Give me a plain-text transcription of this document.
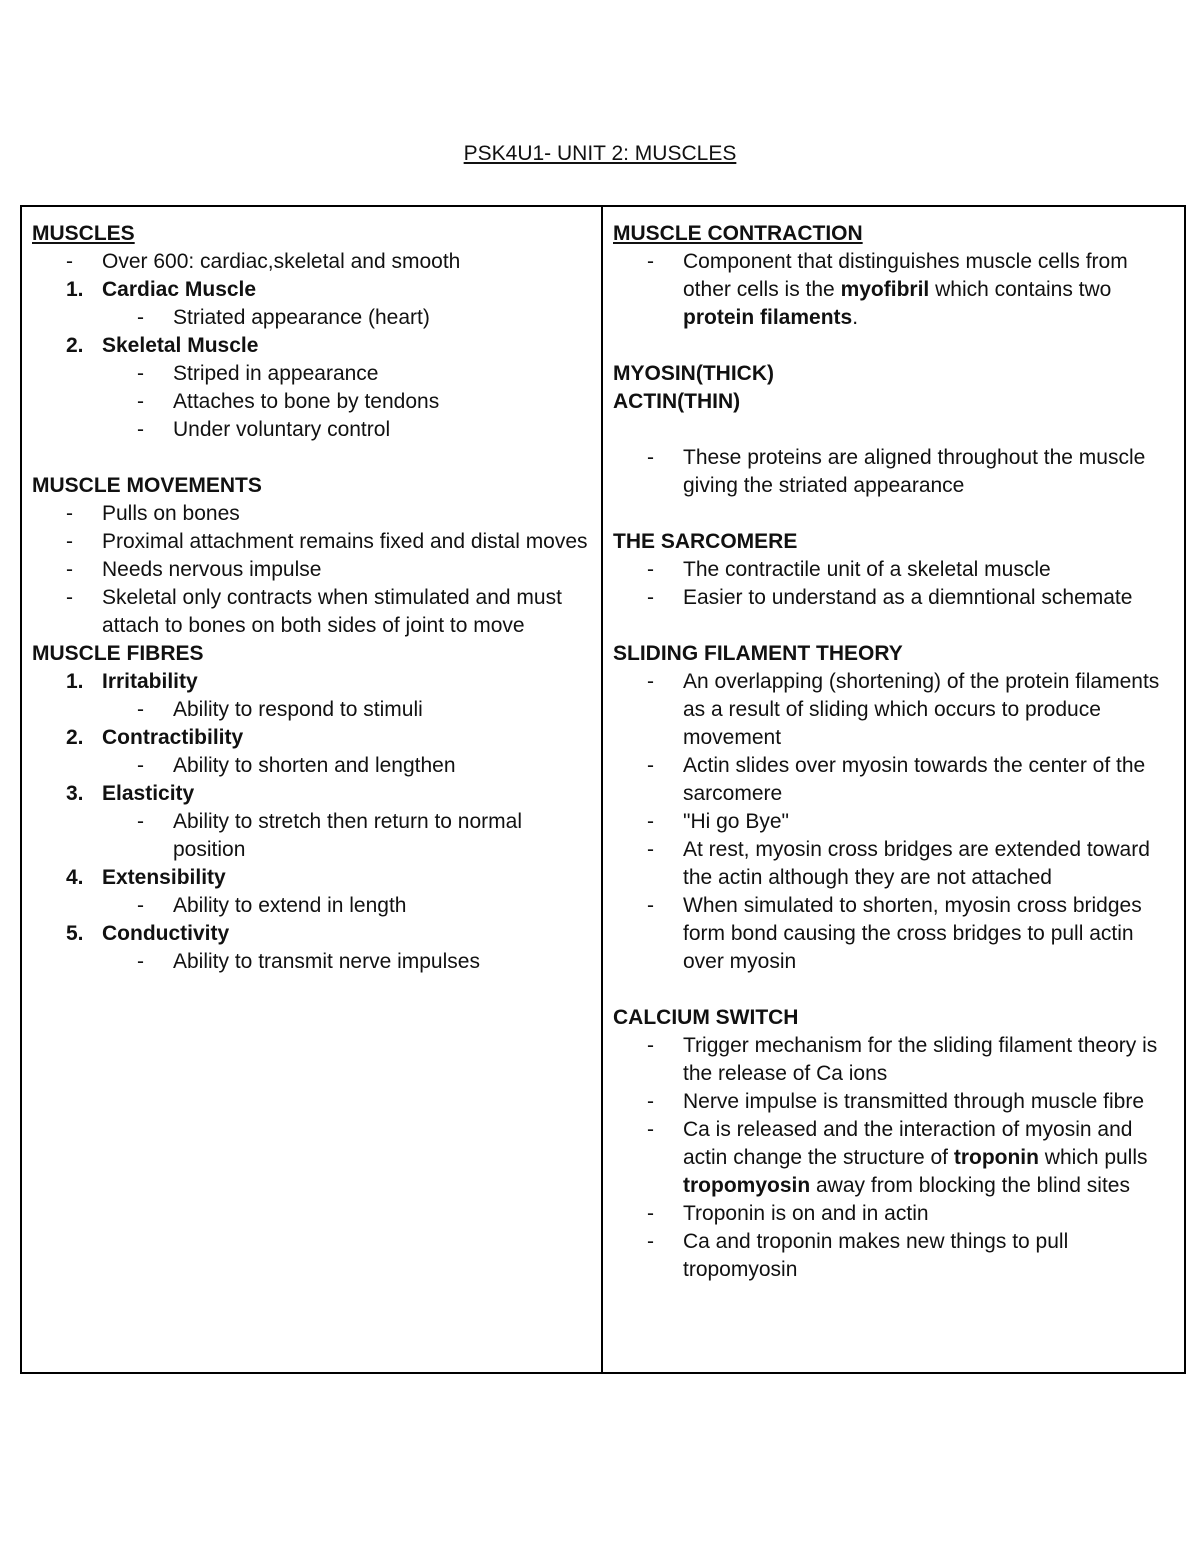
PSK4U1- UNIT 2: MUSCLES
MUSCLES
-	Over 600: cardiac,skeletal and smooth
1. Cardiac Muscle
-	Striated appearance (heart)
2. Skeletal Muscle
-	Striped in appearance
-	Attaches to bone by tendons
-	Under voluntary control
MUSCLE MOVEMENTS
-	Pulls on bones
-	Proximal attachment remains fixed and distal moves
-	Needs nervous impulse
-	Skeletal only contracts when stimulated and must attach to bones on both sides of joint to move
MUSCLE FIBRES
1. Irritability
-	Ability to respond to stimuli
2. Contractibility
-	Ability to shorten and lengthen
3. Elasticity
-	Ability to stretch then return to normal position
4. Extensibility
-	Ability to extend in length
5. Conductivity
-	Ability to transmit nerve impulses
MUSCLE CONTRACTION
-	Component that distinguishes muscle cells from other cells is the myofibril which contains two protein filaments.
MYOSIN(THICK)
ACTIN(THIN)
-	These proteins are aligned throughout the muscle giving the striated appearance
THE SARCOMERE
-	The contractile unit of a skeletal muscle
-	Easier to understand as a diemntional schemate
SLIDING FILAMENT THEORY
-	An overlapping (shortening) of the protein filaments as a result of sliding which occurs to produce movement
-	Actin slides over myosin towards the center of the sarcomere
-	"Hi go Bye"
-	At rest, myosin cross bridges are extended toward the actin although they are not attached
-	When simulated to shorten, myosin cross bridges form bond causing the cross bridges to pull actin over myosin
CALCIUM SWITCH
-	Trigger mechanism for the sliding filament theory is the release of Ca ions
-	Nerve impulse is transmitted through muscle fibre
-	Ca is released and the interaction of myosin and actin change the structure of troponin which pulls tropomyosin away from blocking the blind sites
-	Troponin is on and in actin
-	Ca and troponin makes new things to pull tropomyosin
